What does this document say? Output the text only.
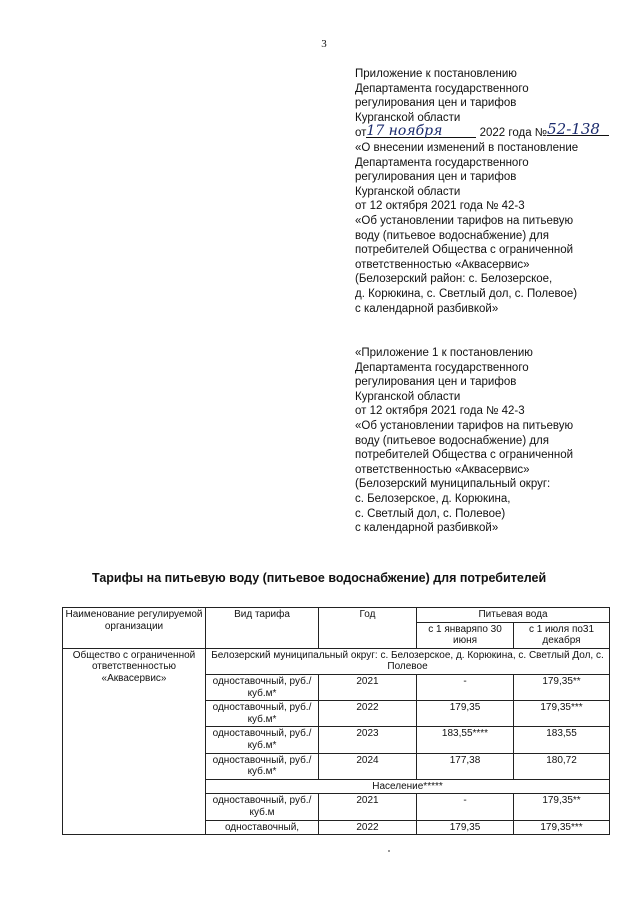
3
Приложение к постановлению
Департамента государственного
регулирования цен и тарифов
Курганской области
от17 ноября	2022 года №52-138
«О внесении изменений в постановление
Департамента государственного
регулирования цен и тарифов
Курганской области
от 12 октября 2021 года № 42-3
«Об установлении тарифов на питьевую
воду (питьевое водоснабжение) для
потребителей Общества с ограниченной
ответственностью «Аквасервис»
(Белозерский район: с. Белозерское,
д. Корюкина, с. Светлый дол, с. Полевое)
с календарной разбивкой»
«Приложение 1 к постановлению
Департамента государственного
регулирования цен и тарифов
Курганской области
от 12 октября 2021 года № 42-3
«Об установлении тарифов на питьевую
воду (питьевое водоснабжение) для
потребителей Общества с ограниченной
ответственностью «Аквасервис»
(Белозерский муниципальный округ:
с. Белозерское, д. Корюкина,
с. Светлый дол, с. Полевое)
с календарной разбивкой»
Тарифы на питьевую воду (питьевое водоснабжение) для потребителей
Наименование регулируемой организации	Вид тарифа	Год	Питьевая вода	
			с 1 январяпо 30 июня	с 1 июля по31 декабря
Общество с ограниченной ответственностью «Аквасервис»	Белозерский муниципальный округ: с. Белозерское, д. Корюкина, с. Светлый Дол, с. Полевое			
	одноставочный, руб./куб.м*	2021	-	179,35**
	одноставочный, руб./куб.м*	2022	179,35	179,35***
	одноставочный, руб./куб.м*	2023	183,55****	183,55
	одноставочный, руб./куб.м*	2024	177,38	180,72
	Население*****			
	одноставочный, руб./куб.м	2021	-	179,35**
	одноставочный,	2022	179,35	179,35***
